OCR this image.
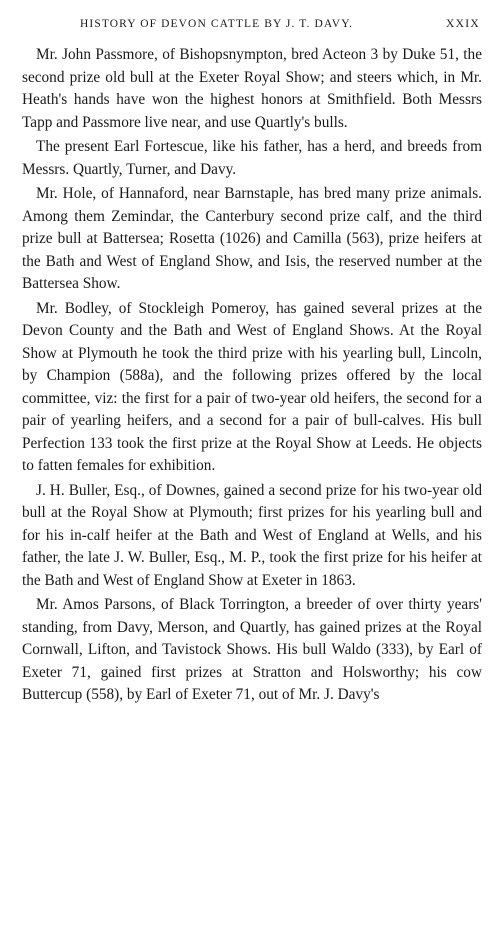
HISTORY OF DEVON CATTLE BY J. T. DAVY.	XXIX

Mr. John Passmore, of Bishopsnympton, bred Acteon 3 by Duke 51, the second prize old bull at the Exeter Royal Show; and steers which, in Mr. Heath's hands have won the highest honors at Smithfield. Both Messrs Tapp and Passmore live near, and use Quartly's bulls.

The present Earl Fortescue, like his father, has a herd, and breeds from Messrs. Quartly, Turner, and Davy.

Mr. Hole, of Hannaford, near Barnstaple, has bred many prize animals. Among them Zemindar, the Canterbury second prize calf, and the third prize bull at Battersea; Rosetta (1026) and Camilla (563), prize heifers at the Bath and West of England Show, and Isis, the reserved number at the Battersea Show.

Mr. Bodley, of Stockleigh Pomeroy, has gained several prizes at the Devon County and the Bath and West of England Shows. At the Royal Show at Plymouth he took the third prize with his yearling bull, Lincoln, by Champion (588a), and the following prizes offered by the local committee, viz: the first for a pair of two-year old heifers, the second for a pair of yearling heifers, and a second for a pair of bull-calves. His bull Perfection 133 took the first prize at the Royal Show at Leeds. He objects to fatten females for exhibition.

J. H. Buller, Esq., of Downes, gained a second prize for his two-year old bull at the Royal Show at Plymouth; first prizes for his yearling bull and for his in-calf heifer at the Bath and West of England at Wells, and his father, the late J. W. Buller, Esq., M. P., took the first prize for his heifer at the Bath and West of England Show at Exeter in 1863.

Mr. Amos Parsons, of Black Torrington, a breeder of over thirty years' standing, from Davy, Merson, and Quartly, has gained prizes at the Royal Cornwall, Lifton, and Tavistock Shows. His bull Waldo (333), by Earl of Exeter 71, gained first prizes at Stratton and Holsworthy; his cow Buttercup (558), by Earl of Exeter 71, out of Mr. J. Davy's
